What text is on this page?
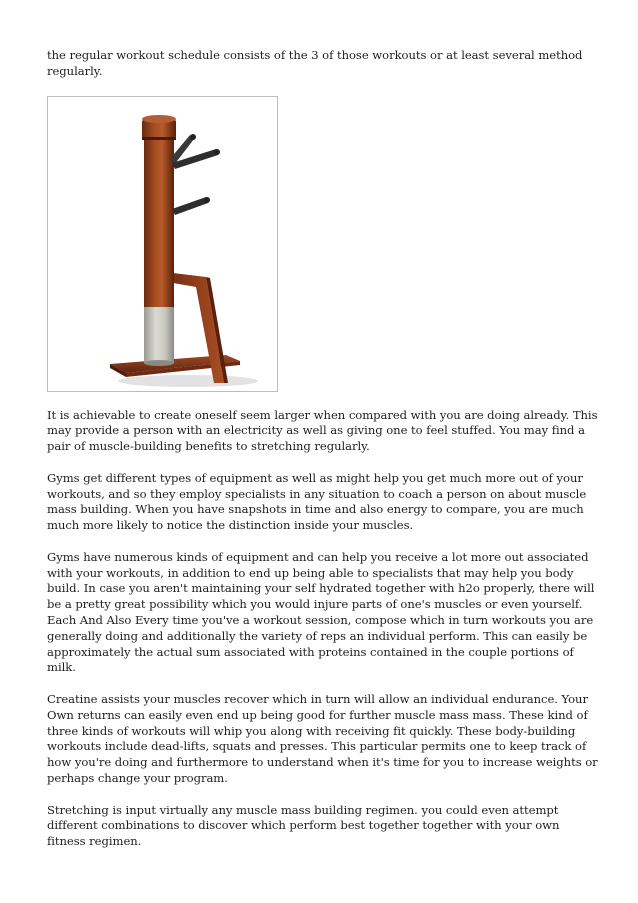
the regular workout schedule consists of the 3 of those workouts or at least several method regularly.

It is achievable to create oneself seem larger when compared with you are doing already. This may provide a person with an electricity as well as giving one to feel stuffed. You may find a pair of muscle-building benefits to stretching regularly.

Gyms get different types of equipment as well as might help you get much more out of your workouts, and so they employ specialists in any situation to coach a person on about muscle mass building. When you have snapshots in time and also energy to compare, you are much much more likely to notice the distinction inside your muscles.

Gyms have numerous kinds of equipment and can help you receive a lot more out associated with your workouts, in addition to end up being able to specialists that may help you body build. In case you aren't maintaining your self hydrated together with h2o properly, there will be a pretty great possibility which you would injure parts of one's muscles or even yourself. Each And Also Every time you've a workout session, compose which in turn workouts you are generally doing and additionally the variety of reps an individual perform. This can easily be approximately the actual sum associated with proteins contained in the couple portions of milk.

Creatine assists your muscles recover which in turn will allow an individual endurance. Your Own returns can easily even end up being good for further muscle mass mass. These kind of three kinds of workouts will whip you along with receiving fit quickly. These body-building workouts include dead-lifts, squats and presses. This particular permits one to keep track of how you're doing and furthermore to understand when it's time for you to increase weights or perhaps change your program.

Stretching is input virtually any muscle mass building regimen. you could even attempt different combinations to discover which perform best together together with your own fitness regimen.
